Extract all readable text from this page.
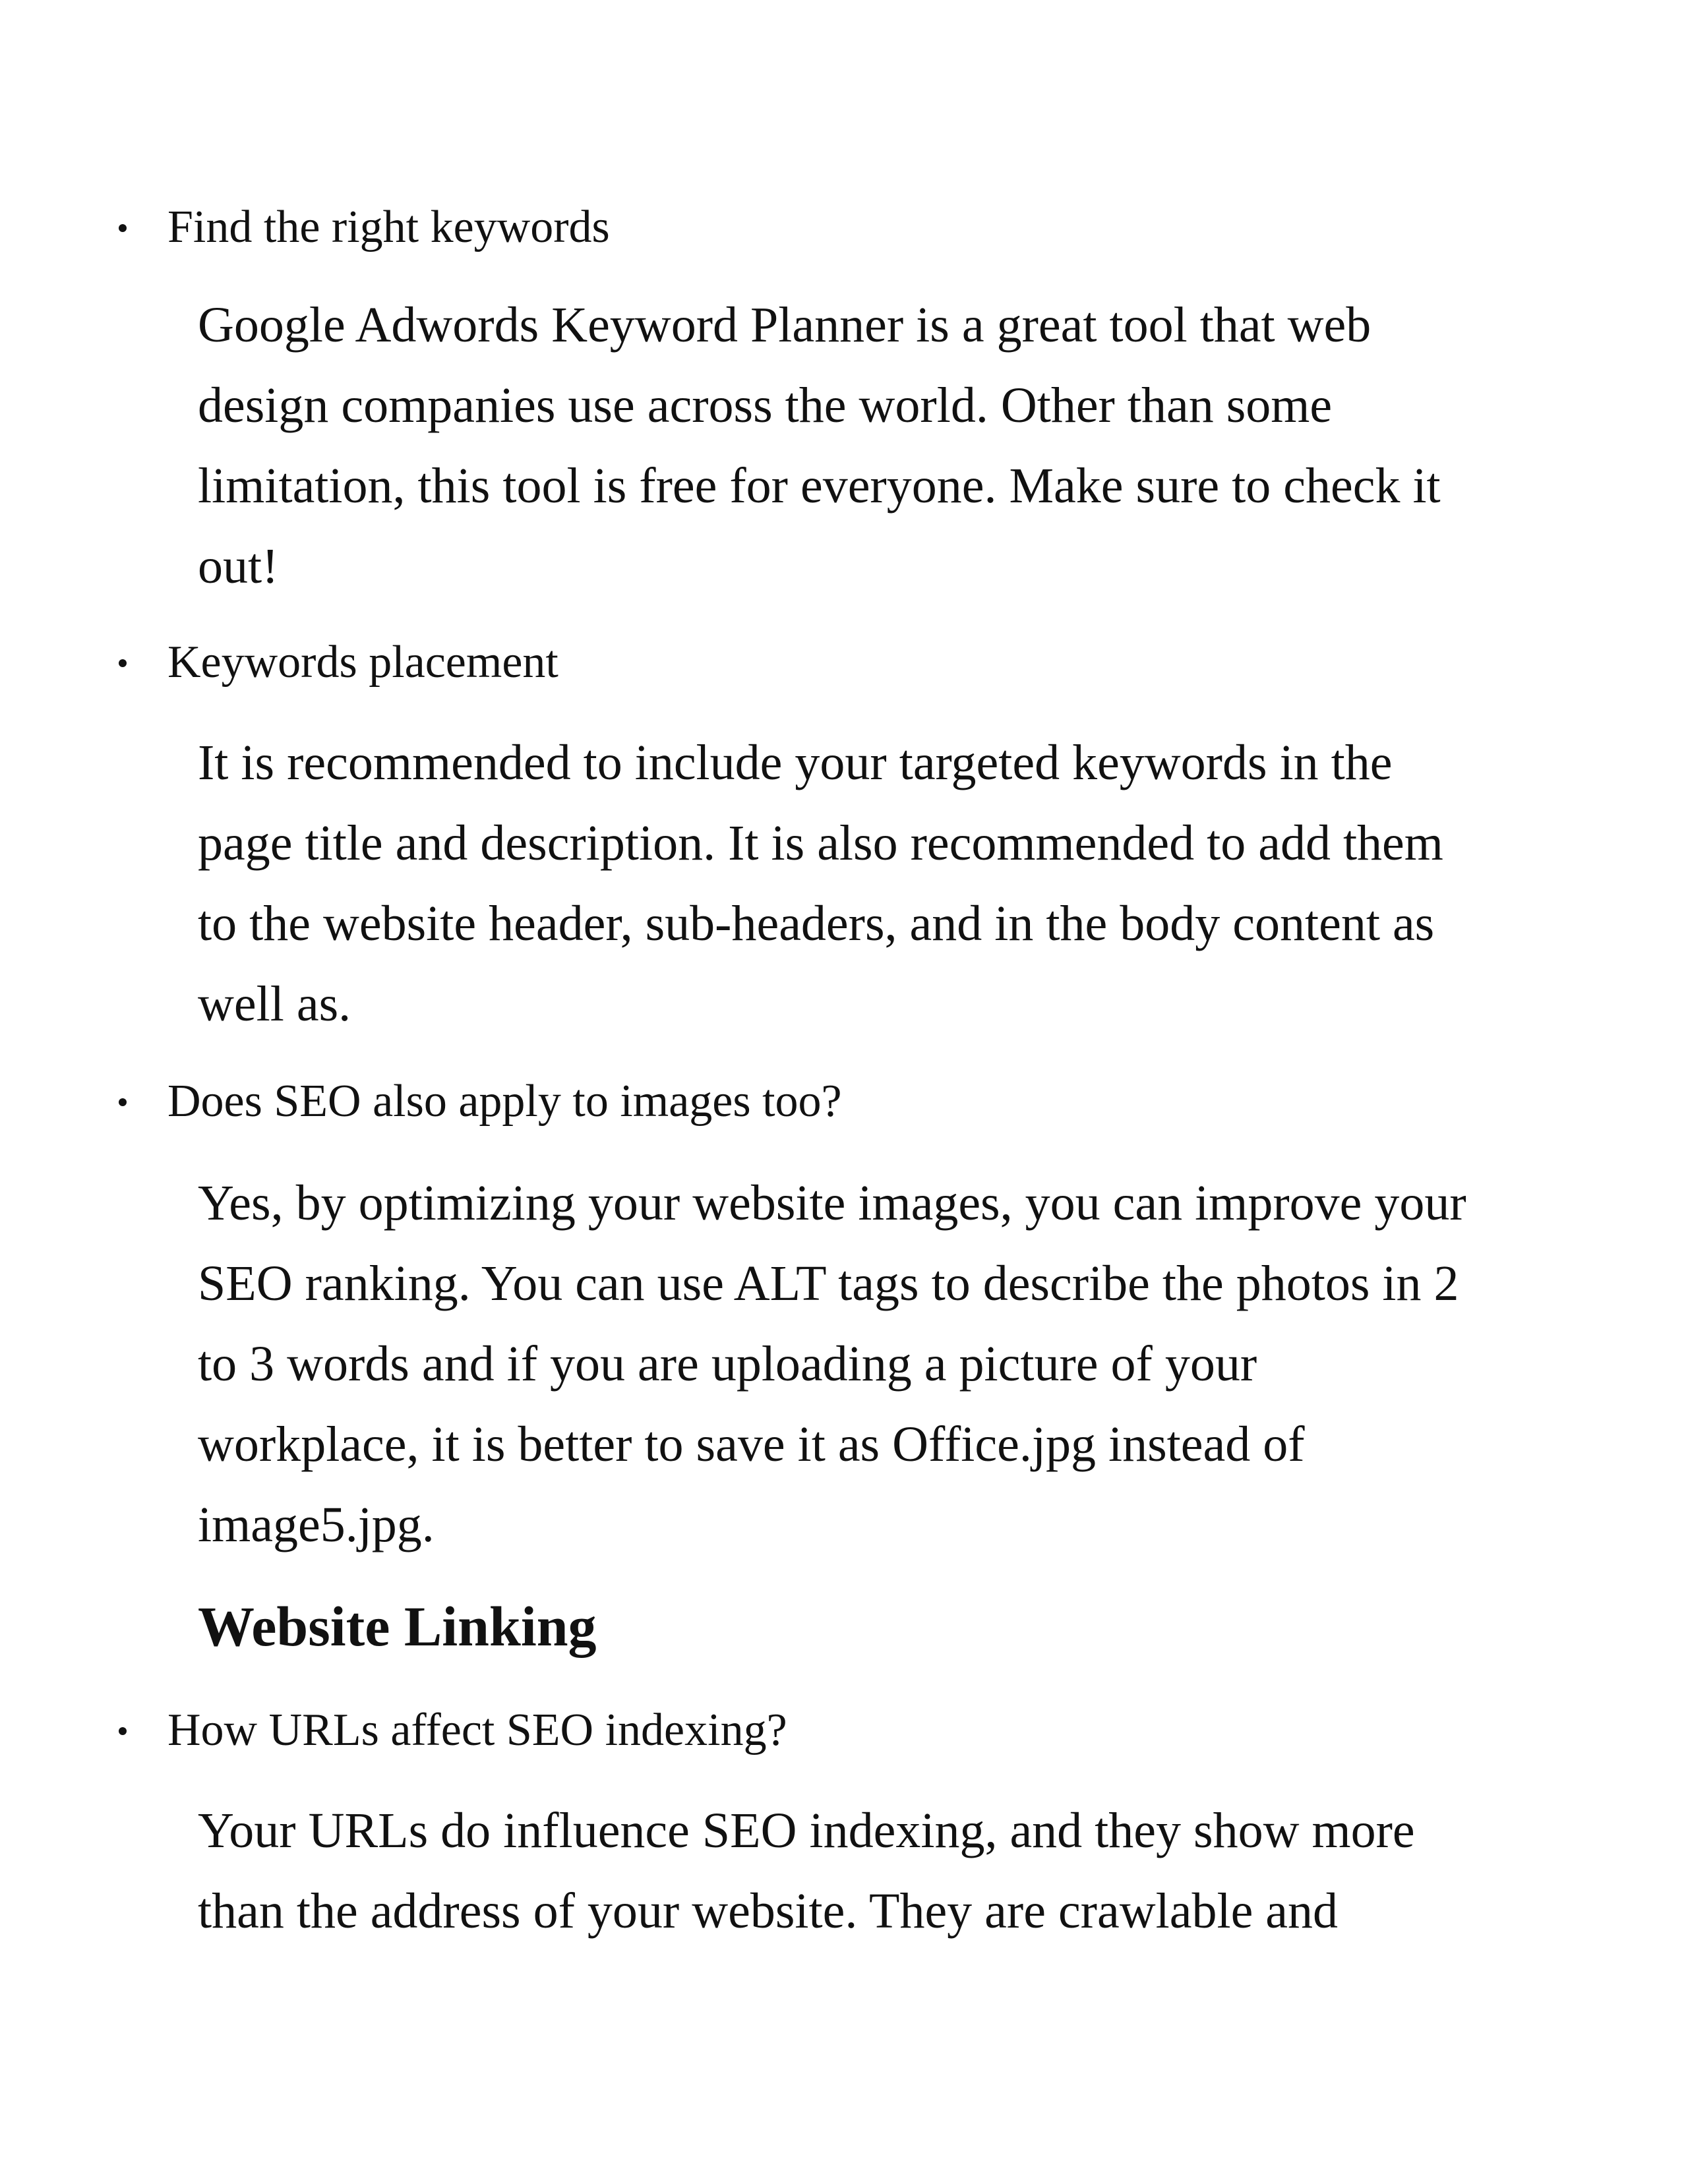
Find the right keywords
Google Adwords Keyword Planner is a great tool that web design companies use across the world. Other than some limitation, this tool is free for everyone. Make sure to check it out!
Keywords placement
It is recommended to include your targeted keywords in the page title and description. It is also recommended to add them to the website header, sub-headers, and in the body content as well as.
Does SEO also apply to images too?
Yes, by optimizing your website images, you can improve your SEO ranking. You can use ALT tags to describe the photos in 2 to 3 words and if you are uploading a picture of your workplace, it is better to save it as Office.jpg instead of image5.jpg.
Website Linking
How URLs affect SEO indexing?
Your URLs do influence SEO indexing, and they show more than the address of your website. They are crawlable and
